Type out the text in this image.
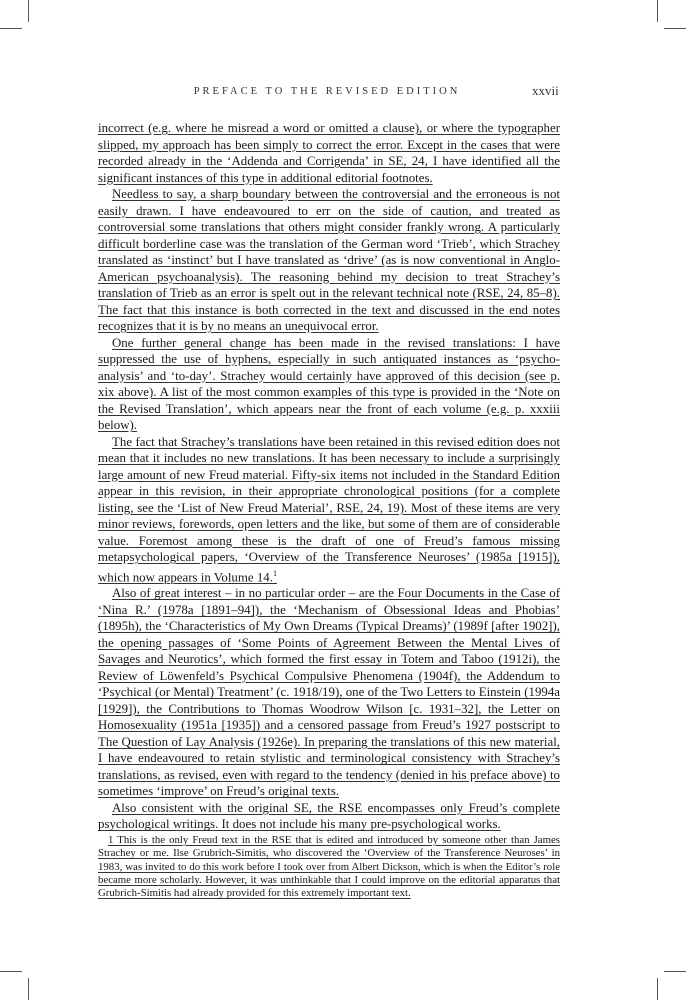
PREFACE TO THE REVISED EDITION	xxvii

incorrect (e.g. where he misread a word or omitted a clause), or where the typographer slipped, my approach has been simply to correct the error. Except in the cases that were recorded already in the ‘Addenda and Corrigenda’ in SE, 24, I have identified all the significant instances of this type in additional editorial footnotes.

Needless to say, a sharp boundary between the controversial and the erroneous is not easily drawn. I have endeavoured to err on the side of caution, and treated as controversial some translations that others might consider frankly wrong. A particularly difficult borderline case was the translation of the German word ‘Trieb’, which Strachey translated as ‘instinct’ but I have translated as ‘drive’ (as is now conventional in Anglo-American psychoanalysis). The reasoning behind my decision to treat Strachey’s translation of Trieb as an error is spelt out in the relevant technical note (RSE, 24, 85–8). The fact that this instance is both corrected in the text and discussed in the end notes recognizes that it is by no means an unequivocal error.

One further general change has been made in the revised translations: I have suppressed the use of hyphens, especially in such antiquated instances as ‘psycho-analysis’ and ‘to-day’. Strachey would certainly have approved of this decision (see p. xix above). A list of the most common examples of this type is provided in the ‘Note on the Revised Translation’, which appears near the front of each volume (e.g. p. xxxiii below).

The fact that Strachey’s translations have been retained in this revised edition does not mean that it includes no new translations. It has been necessary to include a surprisingly large amount of new Freud material. Fifty-six items not included in the Standard Edition appear in this revision, in their appropriate chronological positions (for a complete listing, see the ‘List of New Freud Material’, RSE, 24, 19). Most of these items are very minor reviews, forewords, open letters and the like, but some of them are of considerable value. Foremost among these is the draft of one of Freud’s famous missing metapsychological papers, ‘Overview of the Transference Neuroses’ (1985a [1915]), which now appears in Volume 14.$^1$

Also of great interest – in no particular order – are the Four Documents in the Case of ‘Nina R.’ (1978a [1891–94]), the ‘Mechanism of Obsessional Ideas and Phobias’ (1895h), the ‘Characteristics of My Own Dreams (Typical Dreams)’ (1989f [after 1902]), the opening passages of ‘Some Points of Agreement Between the Mental Lives of Savages and Neurotics’, which formed the first essay in Totem and Taboo (1912i), the Review of Löwenfeld’s Psychical Compulsive Phenomena (1904f), the Addendum to ‘Psychical (or Mental) Treatment’ (c. 1918/19), one of the Two Letters to Einstein (1994a [1929]), the Contributions to Thomas Woodrow Wilson [c. 1931–32], the Letter on Homosexuality (1951a [1935]) and a censored passage from Freud’s 1927 postscript to The Question of Lay Analysis (1926e). In preparing the translations of this new material, I have endeavoured to retain stylistic and terminological consistency with Strachey’s translations, as revised, even with regard to the tendency (denied in his preface above) to sometimes ‘improve’ on Freud’s original texts.

Also consistent with the original SE, the RSE encompasses only Freud’s complete psychological writings. It does not include his many pre-psychological works.

1 This is the only Freud text in the RSE that is edited and introduced by someone other than James Strachey or me. Ilse Grubrich-Simitis, who discovered the ‘Overview of the Transference Neuroses’ in 1983, was invited to do this work before I took over from Albert Dickson, which is when the Editor’s role became more scholarly. However, it was unthinkable that I could improve on the editorial apparatus that Grubrich-Simitis had already provided for this extremely important text.
